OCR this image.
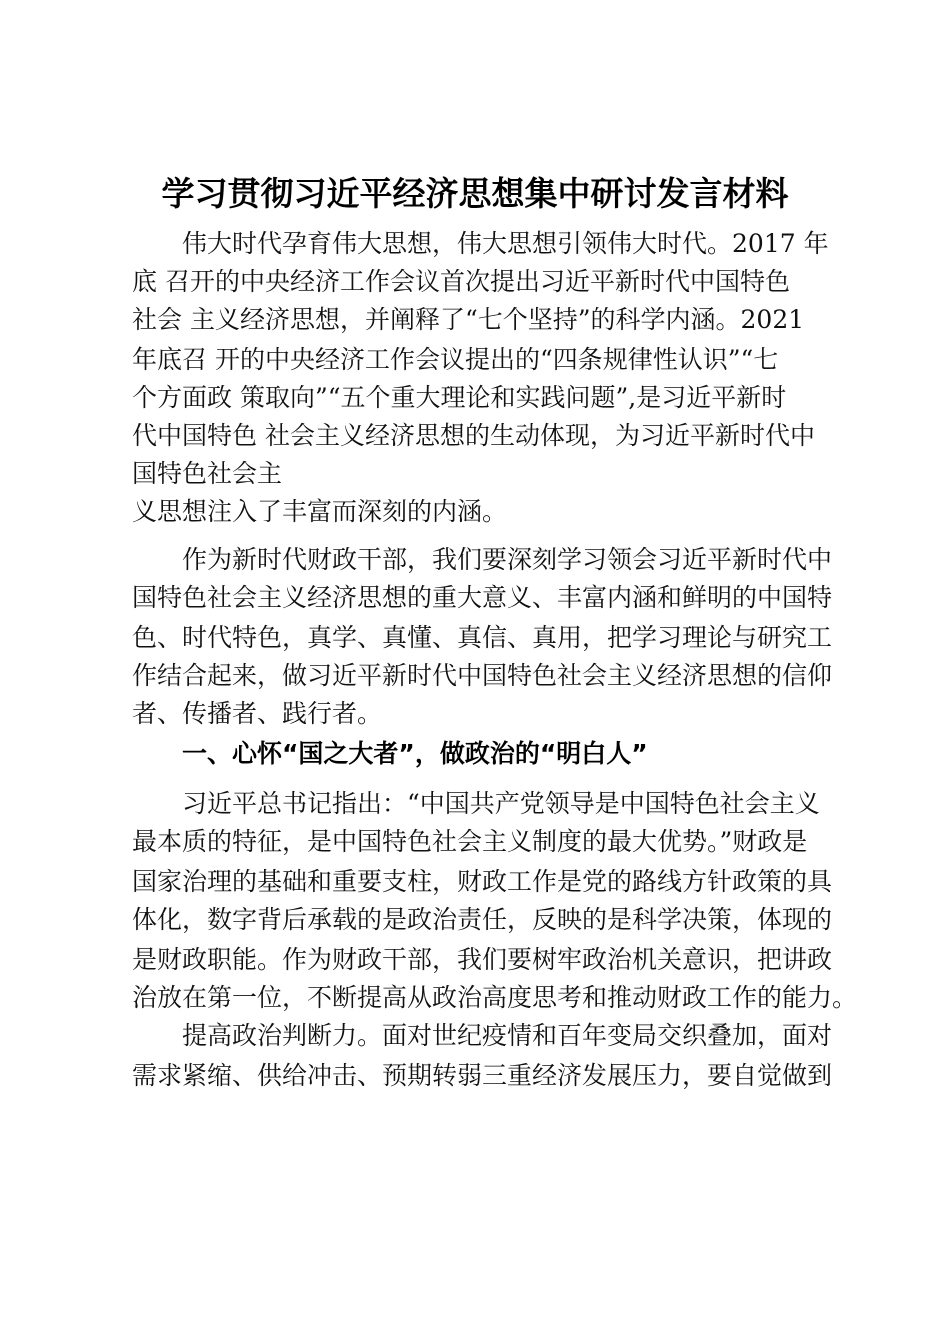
学习贯彻习近平经济思想集中研讨发言材料

伟大时代孕育伟大思想，伟大思想引领伟大时代。2017 年

底 召开的中央经济工作会议首次提出习近平新时代中国特色

社会 主义经济思想，并阐释了“七个坚持”的科学内涵。2021

年底召 开的中央经济工作会议提出的“四条规律性认识”“七

个方面政 策取向”“五个重大理论和实践问题”,是习近平新时

代中国特色 社会主义经济思想的生动体现，为习近平新时代中

国特色社会主

义思想注入了丰富而深刻的内涵。

作为新时代财政干部，我们要深刻学习领会习近平新时代中

国特色社会主义经济思想的重大意义、丰富内涵和鲜明的中国特

色、时代特色，真学、真懂、真信、真用，把学习理论与研究工

作结合起来，做习近平新时代中国特色社会主义经济思想的信仰

者、传播者、践行者。

一、心怀“国之大者”，做政治的“明白人”

习近平总书记指出：“中国共产党领导是中国特色社会主义

最本质的特征，是中国特色社会主义制度的最大优势。”财政是

国家治理的基础和重要支柱，财政工作是党的路线方针政策的具

体化，数字背后承载的是政治责任，反映的是科学决策，体现的

是财政职能。作为财政干部，我们要树牢政治机关意识，把讲政

治放在第一位，不断提高从政治高度思考和推动财政工作的能力。

提高政治判断力。面对世纪疫情和百年变局交织叠加，面对

需求紧缩、供给冲击、预期转弱三重经济发展压力，要自觉做到
